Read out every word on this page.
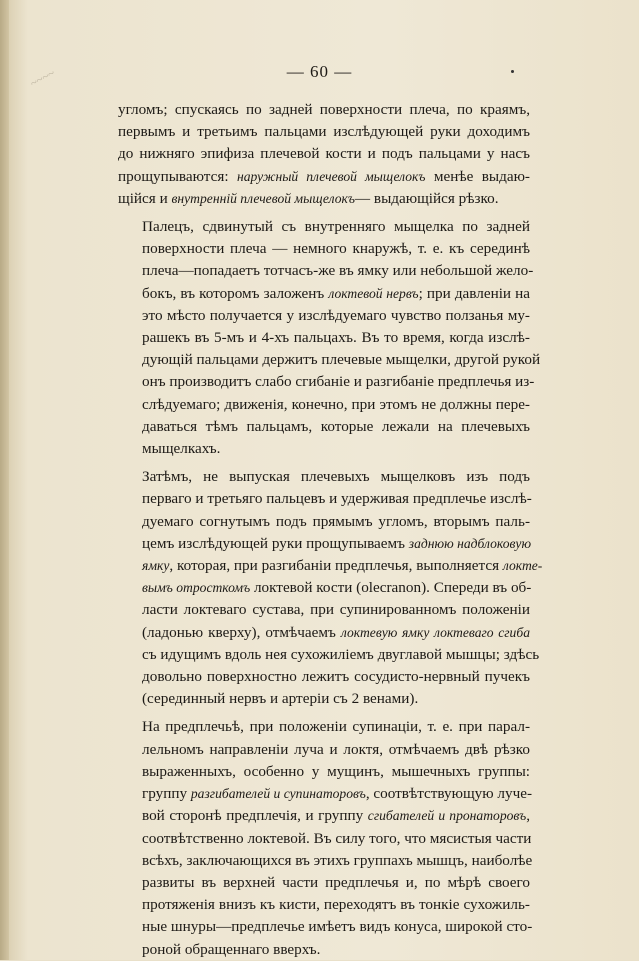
~~~~	— 60 —

угломъ; спускаясь по задней поверхности плеча, по краямъ,
первымъ и третьимъ пальцами изслѣдующей руки доходимъ
до нижняго эпифиза плечевой кости и подъ пальцами у насъ
прощупываются: наружный плечевой мыщелокъ менѣе выдаю-
щійся и внутренній плечевой мыщелокъ— выдающійся рѣзко.

Палецъ, сдвинутый съ внутренняго мыщелка по задней
поверхности плеча — немного кнаружѣ, т. е. къ серединѣ
плеча—попадаетъ тотчасъ-же въ ямку или небольшой жело-
бокъ, въ которомъ заложенъ локтевой нервъ; при давленіи на
это мѣсто получается у изслѣдуемаго чувство ползанья му-
рашекъ въ 5-мъ и 4-хъ пальцахъ. Въ то время, когда изслѣ-
дующій пальцами держитъ плечевые мыщелки, другой рукой
онъ производитъ слабо сгибаніе и разгибаніе предплечья из-
слѣдуемаго; движенія, конечно, при этомъ не должны пере-
даваться тѣмъ пальцамъ, которые лежали на плечевыхъ
мыщелкахъ.

Затѣмъ, не выпуская плечевыхъ мыщелковъ изъ подъ
перваго и третьяго пальцевъ и удерживая предплечье изслѣ-
дуемаго согнутымъ подъ прямымъ угломъ, вторымъ паль-
цемъ изслѣдующей руки прощупываемъ заднюю надблоковую
ямку, которая, при разгибаніи предплечья, выполняется локте-
вымъ отросткомъ локтевой кости (olecranon). Спереди въ об-
ласти локтеваго сустава, при супинированномъ положеніи
(ладонью кверху), отмѣчаемъ локтевую ямку локтеваго сгиба
съ идущимъ вдоль нея сухожиліемъ двуглавой мышцы; здѣсь
довольно поверхностно лежитъ сосудисто-нервный пучекъ
(серединный нервъ и артеріи съ 2 венами).

На предплечьѣ, при положеніи супинаціи, т. е. при парал-
лельномъ направленіи луча и локтя, отмѣчаемъ двѣ рѣзко
выраженныхъ, особенно у мущинъ, мышечныхъ группы:
группу разгибателей и супинаторовъ, соотвѣтствующую луче-
вой сторонѣ предплечія, и группу сгибателей и пронаторовъ,
соотвѣтственно локтевой. Въ силу того, что мясистыя части
всѣхъ, заключающихся въ этихъ группахъ мышцъ, наиболѣе
развиты въ верхней части предплечья и, по мѣрѣ своего
протяженія внизъ къ кисти, переходятъ въ тонкіе сухожиль-
ные шнуры—предплечье имѣетъ видъ конуса, широкой сто-
роной обращеннаго вверхъ.
